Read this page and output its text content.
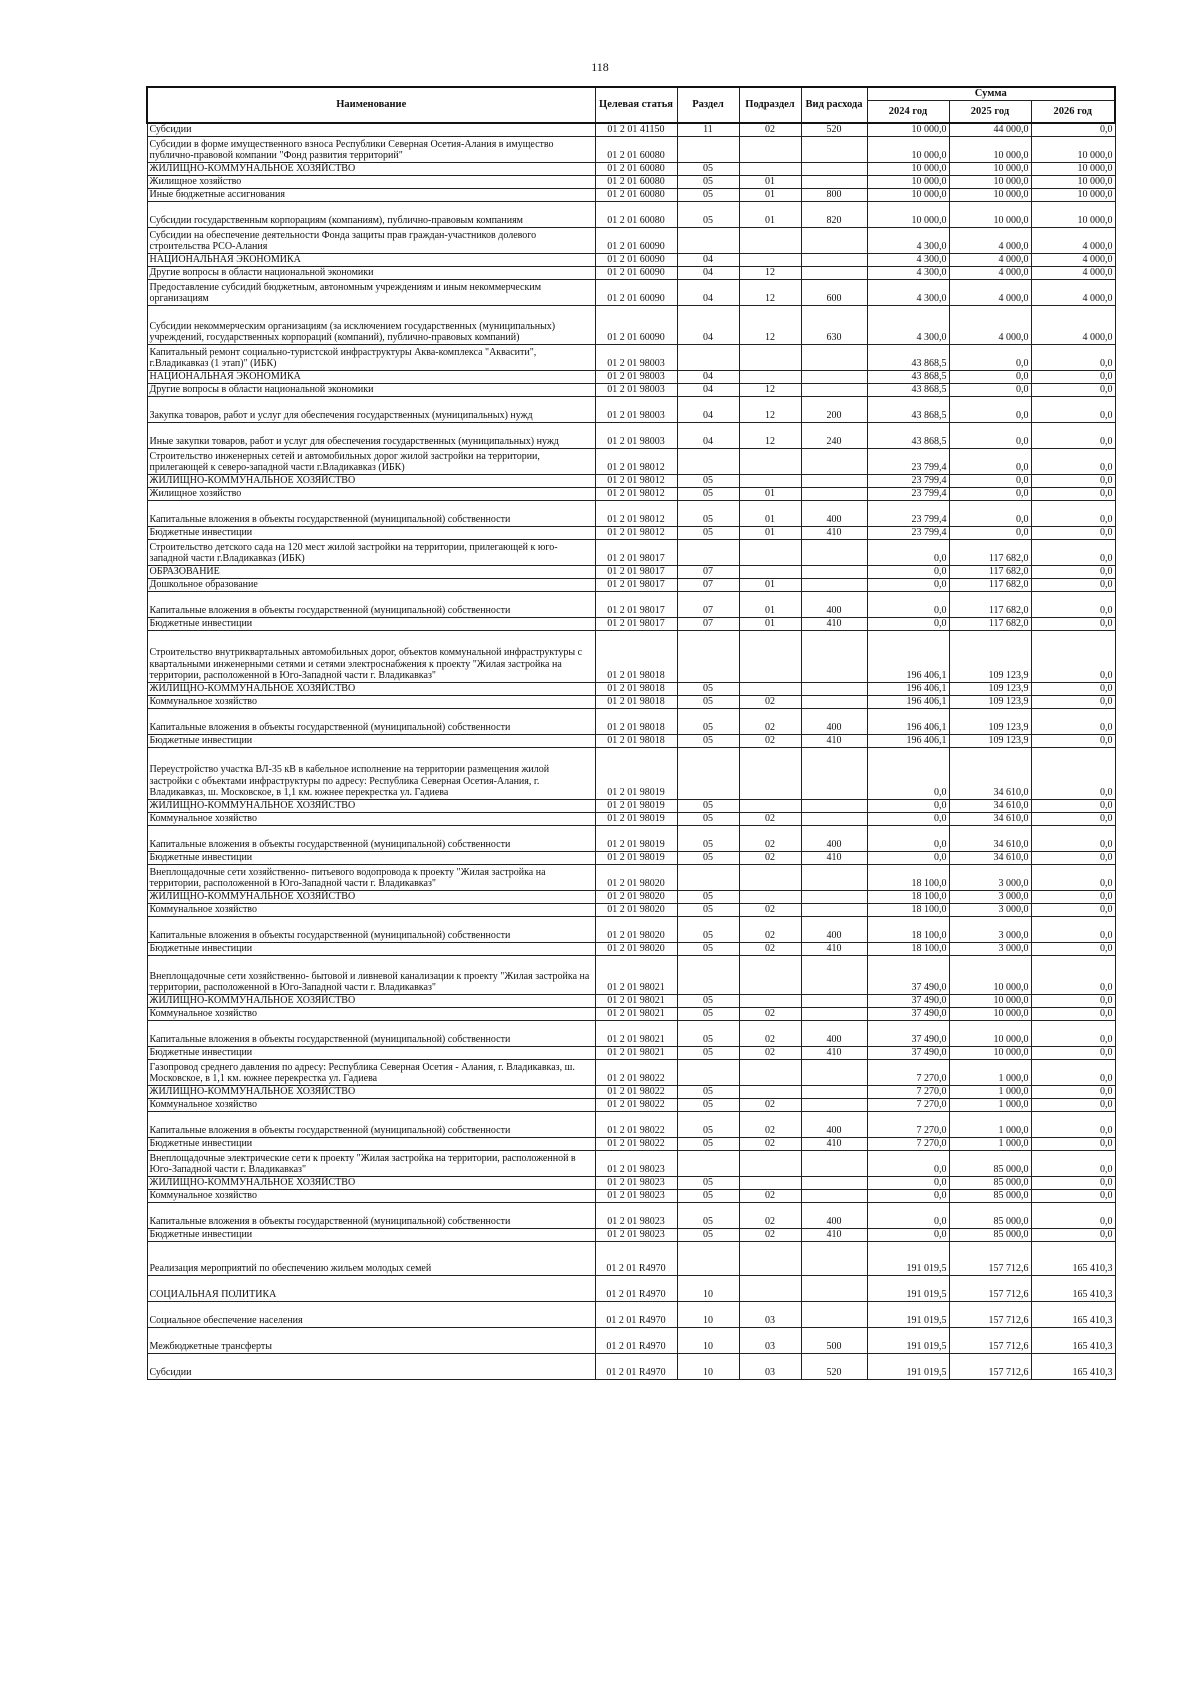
118
Наименование	Целевая статья	Раздел	Подраздел	Вид расхода	Сумма		
					2024 год	2025 год	2026 год
Субсидии	01 2 01 41150	11	02	520	10 000,0	44 000,0	0,0
Субсидии в форме имущественного взноса Республики Северная Осетия-Алания в имущество публично-правовой компании "Фонд развития территорий"	01 2 01 60080				10 000,0	10 000,0	10 000,0
ЖИЛИЩНО-КОММУНАЛЬНОЕ ХОЗЯЙСТВО	01 2 01 60080	05			10 000,0	10 000,0	10 000,0
Жилищное хозяйство	01 2 01 60080	05	01		10 000,0	10 000,0	10 000,0
Иные бюджетные ассигнования	01 2 01 60080	05	01	800	10 000,0	10 000,0	10 000,0
Субсидии государственным корпорациям (компаниям), публично-правовым компаниям	01 2 01 60080	05	01	820	10 000,0	10 000,0	10 000,0
Субсидии на обеспечение деятельности Фонда защиты прав граждан-участников долевого строительства РСО-Алания	01 2 01 60090				4 300,0	4 000,0	4 000,0
НАЦИОНАЛЬНАЯ ЭКОНОМИКА	01 2 01 60090	04			4 300,0	4 000,0	4 000,0
Другие вопросы в области национальной экономики	01 2 01 60090	04	12		4 300,0	4 000,0	4 000,0
Предоставление субсидий бюджетным, автономным учреждениям и иным некоммерческим организациям	01 2 01 60090	04	12	600	4 300,0	4 000,0	4 000,0
Субсидии некоммерческим организациям (за исключением государственных (муниципальных) учреждений, государственных корпораций (компаний), публично-правовых компаний)	01 2 01 60090	04	12	630	4 300,0	4 000,0	4 000,0
Капитальный ремонт социально-туристской инфраструктуры Аква-комплекса "Аквасити", г.Владикавказ (1 этап)" (ИБК)	01 2 01 98003				43 868,5	0,0	0,0
НАЦИОНАЛЬНАЯ ЭКОНОМИКА	01 2 01 98003	04			43 868,5	0,0	0,0
Другие вопросы в области национальной экономики	01 2 01 98003	04	12		43 868,5	0,0	0,0
Закупка товаров, работ и услуг для обеспечения государственных (муниципальных) нужд	01 2 01 98003	04	12	200	43 868,5	0,0	0,0
Иные закупки товаров, работ и услуг для обеспечения государственных (муниципальных) нужд	01 2 01 98003	04	12	240	43 868,5	0,0	0,0
Строительство инженерных сетей и автомобильных дорог жилой застройки на территории, прилегающей к северо-западной части г.Владикавказ (ИБК)	01 2 01 98012				23 799,4	0,0	0,0
ЖИЛИЩНО-КОММУНАЛЬНОЕ ХОЗЯЙСТВО	01 2 01 98012	05			23 799,4	0,0	0,0
Жилищное хозяйство	01 2 01 98012	05	01		23 799,4	0,0	0,0
Капитальные вложения в объекты государственной (муниципальной) собственности	01 2 01 98012	05	01	400	23 799,4	0,0	0,0
Бюджетные инвестиции	01 2 01 98012	05	01	410	23 799,4	0,0	0,0
Строительство детского сада на 120 мест жилой застройки на территории, прилегающей к юго-западной части г.Владикавказ (ИБК)	01 2 01 98017				0,0	117 682,0	0,0
ОБРАЗОВАНИЕ	01 2 01 98017	07			0,0	117 682,0	0,0
Дошкольное образование	01 2 01 98017	07	01		0,0	117 682,0	0,0
Капитальные вложения в объекты государственной (муниципальной) собственности	01 2 01 98017	07	01	400	0,0	117 682,0	0,0
Бюджетные инвестиции	01 2 01 98017	07	01	410	0,0	117 682,0	0,0
Строительство внутриквартальных автомобильных дорог, объектов коммунальной инфраструктуры с квартальными инженерными сетями и сетями электроснабжения к проекту "Жилая застройка на территории, расположенной в Юго-Западной части г. Владикавказ"	01 2 01 98018				196 406,1	109 123,9	0,0
ЖИЛИЩНО-КОММУНАЛЬНОЕ ХОЗЯЙСТВО	01 2 01 98018	05			196 406,1	109 123,9	0,0
Коммунальное хозяйство	01 2 01 98018	05	02		196 406,1	109 123,9	0,0
Капитальные вложения в объекты государственной (муниципальной) собственности	01 2 01 98018	05	02	400	196 406,1	109 123,9	0,0
Бюджетные инвестиции	01 2 01 98018	05	02	410	196 406,1	109 123,9	0,0
Переустройство участка ВЛ-35 кВ в кабельное исполнение на территории размещения жилой застройки с объектами инфраструктуры по адресу: Республика Северная Осетия-Алания, г. Владикавказ, ш. Московское, в 1,1 км. южнее перекрестка ул. Гадиева	01 2 01 98019				0,0	34 610,0	0,0
ЖИЛИЩНО-КОММУНАЛЬНОЕ ХОЗЯЙСТВО	01 2 01 98019	05			0,0	34 610,0	0,0
Коммунальное хозяйство	01 2 01 98019	05	02		0,0	34 610,0	0,0
Капитальные вложения в объекты государственной (муниципальной) собственности	01 2 01 98019	05	02	400	0,0	34 610,0	0,0
Бюджетные инвестиции	01 2 01 98019	05	02	410	0,0	34 610,0	0,0
Внеплощадочные сети хозяйственно- питьевого водопровода к проекту "Жилая застройка на территории, расположенной в Юго-Западной части г. Владикавказ"	01 2 01 98020				18 100,0	3 000,0	0,0
ЖИЛИЩНО-КОММУНАЛЬНОЕ ХОЗЯЙСТВО	01 2 01 98020	05			18 100,0	3 000,0	0,0
Коммунальное хозяйство	01 2 01 98020	05	02		18 100,0	3 000,0	0,0
Капитальные вложения в объекты государственной (муниципальной) собственности	01 2 01 98020	05	02	400	18 100,0	3 000,0	0,0
Бюджетные инвестиции	01 2 01 98020	05	02	410	18 100,0	3 000,0	0,0
Внеплощадочные сети хозяйственно- бытовой и ливневой канализации к проекту "Жилая застройка на территории, расположенной в Юго-Западной части г. Владикавказ"	01 2 01 98021				37 490,0	10 000,0	0,0
ЖИЛИЩНО-КОММУНАЛЬНОЕ ХОЗЯЙСТВО	01 2 01 98021	05			37 490,0	10 000,0	0,0
Коммунальное хозяйство	01 2 01 98021	05	02		37 490,0	10 000,0	0,0
Капитальные вложения в объекты государственной (муниципальной) собственности	01 2 01 98021	05	02	400	37 490,0	10 000,0	0,0
Бюджетные инвестиции	01 2 01 98021	05	02	410	37 490,0	10 000,0	0,0
Газопровод среднего давления по адресу: Республика Северная Осетия - Алания, г. Владикавказ, ш. Московское, в 1,1 км. южнее перекрестка ул. Гадиева	01 2 01 98022				7 270,0	1 000,0	0,0
ЖИЛИЩНО-КОММУНАЛЬНОЕ ХОЗЯЙСТВО	01 2 01 98022	05			7 270,0	1 000,0	0,0
Коммунальное хозяйство	01 2 01 98022	05	02		7 270,0	1 000,0	0,0
Капитальные вложения в объекты государственной (муниципальной) собственности	01 2 01 98022	05	02	400	7 270,0	1 000,0	0,0
Бюджетные инвестиции	01 2 01 98022	05	02	410	7 270,0	1 000,0	0,0
Внеплощадочные электрические сети к проекту "Жилая застройка на территории, расположенной в Юго-Западной части г. Владикавказ"	01 2 01 98023				0,0	85 000,0	0,0
ЖИЛИЩНО-КОММУНАЛЬНОЕ ХОЗЯЙСТВО	01 2 01 98023	05			0,0	85 000,0	0,0
Коммунальное хозяйство	01 2 01 98023	05	02		0,0	85 000,0	0,0
Капитальные вложения в объекты государственной (муниципальной) собственности	01 2 01 98023	05	02	400	0,0	85 000,0	0,0
Бюджетные инвестиции	01 2 01 98023	05	02	410	0,0	85 000,0	0,0
Реализация мероприятий по обеспечению жильем молодых семей	01 2 01 R4970				191 019,5	157 712,6	165 410,3
СОЦИАЛЬНАЯ ПОЛИТИКА	01 2 01 R4970	10			191 019,5	157 712,6	165 410,3
Социальное обеспечение населения	01 2 01 R4970	10	03		191 019,5	157 712,6	165 410,3
Межбюджетные трансферты	01 2 01 R4970	10	03	500	191 019,5	157 712,6	165 410,3
Субсидии	01 2 01 R4970	10	03	520	191 019,5	157 712,6	165 410,3
